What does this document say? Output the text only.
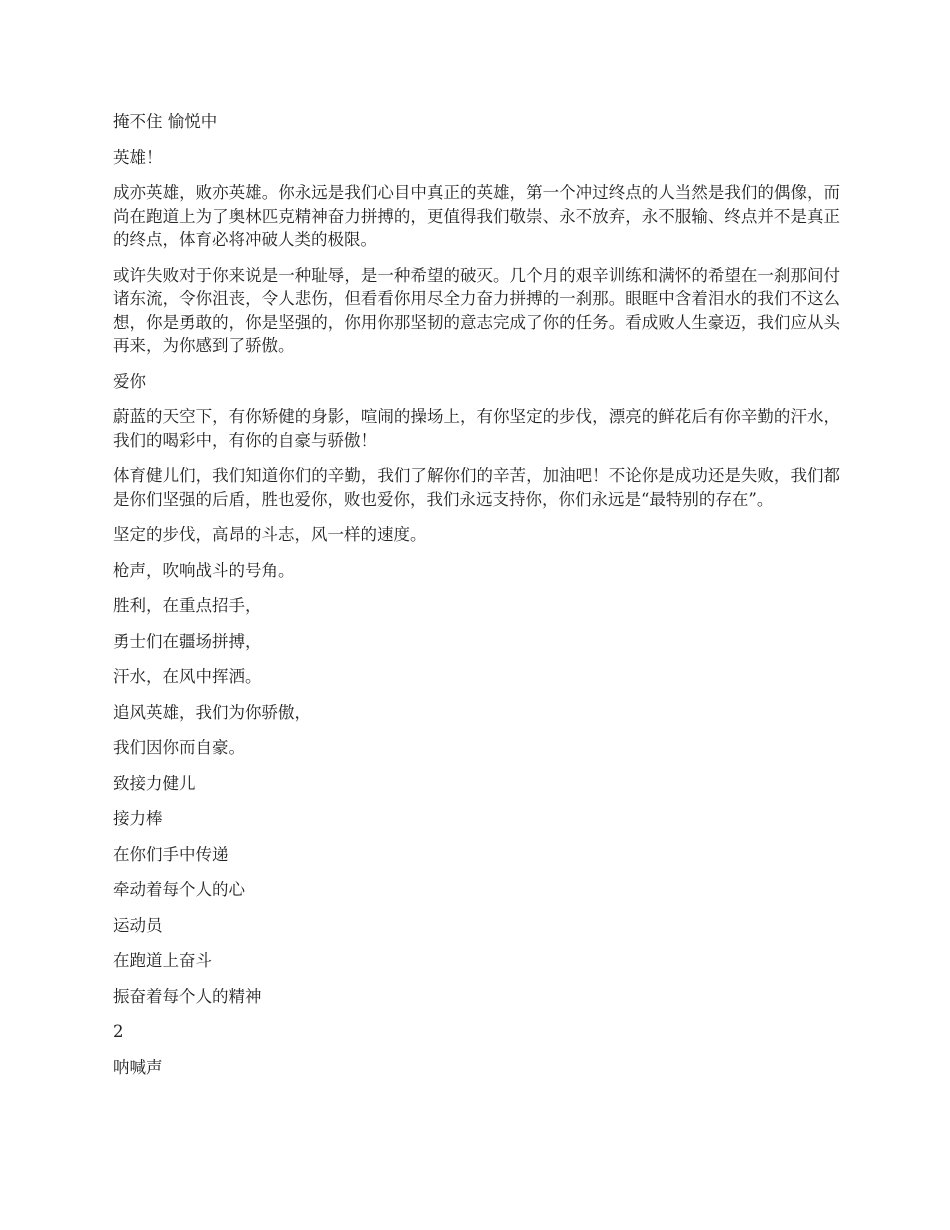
掩不住 愉悦中

英雄！

成亦英雄，败亦英雄。你永远是我们心目中真正的英雄，第一个冲过终点的人当然是我们的偶像，而尚在跑道上为了奥林匹克精神奋力拼搏的，更值得我们敬崇、永不放弃，永不服输、终点并不是真正的终点，体育必将冲破人类的极限。

或许失败对于你来说是一种耻辱，是一种希望的破灭。几个月的艰辛训练和满怀的希望在一刹那间付诸东流，令你沮丧，令人悲伤，但看看你用尽全力奋力拼搏的一刹那。眼眶中含着泪水的我们不这么想，你是勇敢的，你是坚强的，你用你那坚韧的意志完成了你的任务。看成败人生豪迈，我们应从头再来，为你感到了骄傲。

爱你

蔚蓝的天空下，有你矫健的身影，喧闹的操场上，有你坚定的步伐，漂亮的鲜花后有你辛勤的汗水，我们的喝彩中，有你的自豪与骄傲！

体育健儿们，我们知道你们的辛勤，我们了解你们的辛苦，加油吧！不论你是成功还是失败，我们都是你们坚强的后盾，胜也爱你，败也爱你，我们永远支持你，你们永远是“最特别的存在”。

坚定的步伐，高昂的斗志，风一样的速度。

枪声，吹响战斗的号角。

胜利，在重点招手，

勇士们在疆场拼搏，

汗水，在风中挥洒。

追风英雄，我们为你骄傲，

我们因你而自豪。

致接力健儿

接力棒

在你们手中传递

牵动着每个人的心

运动员

在跑道上奋斗

振奋着每个人的精神

2

呐喊声
